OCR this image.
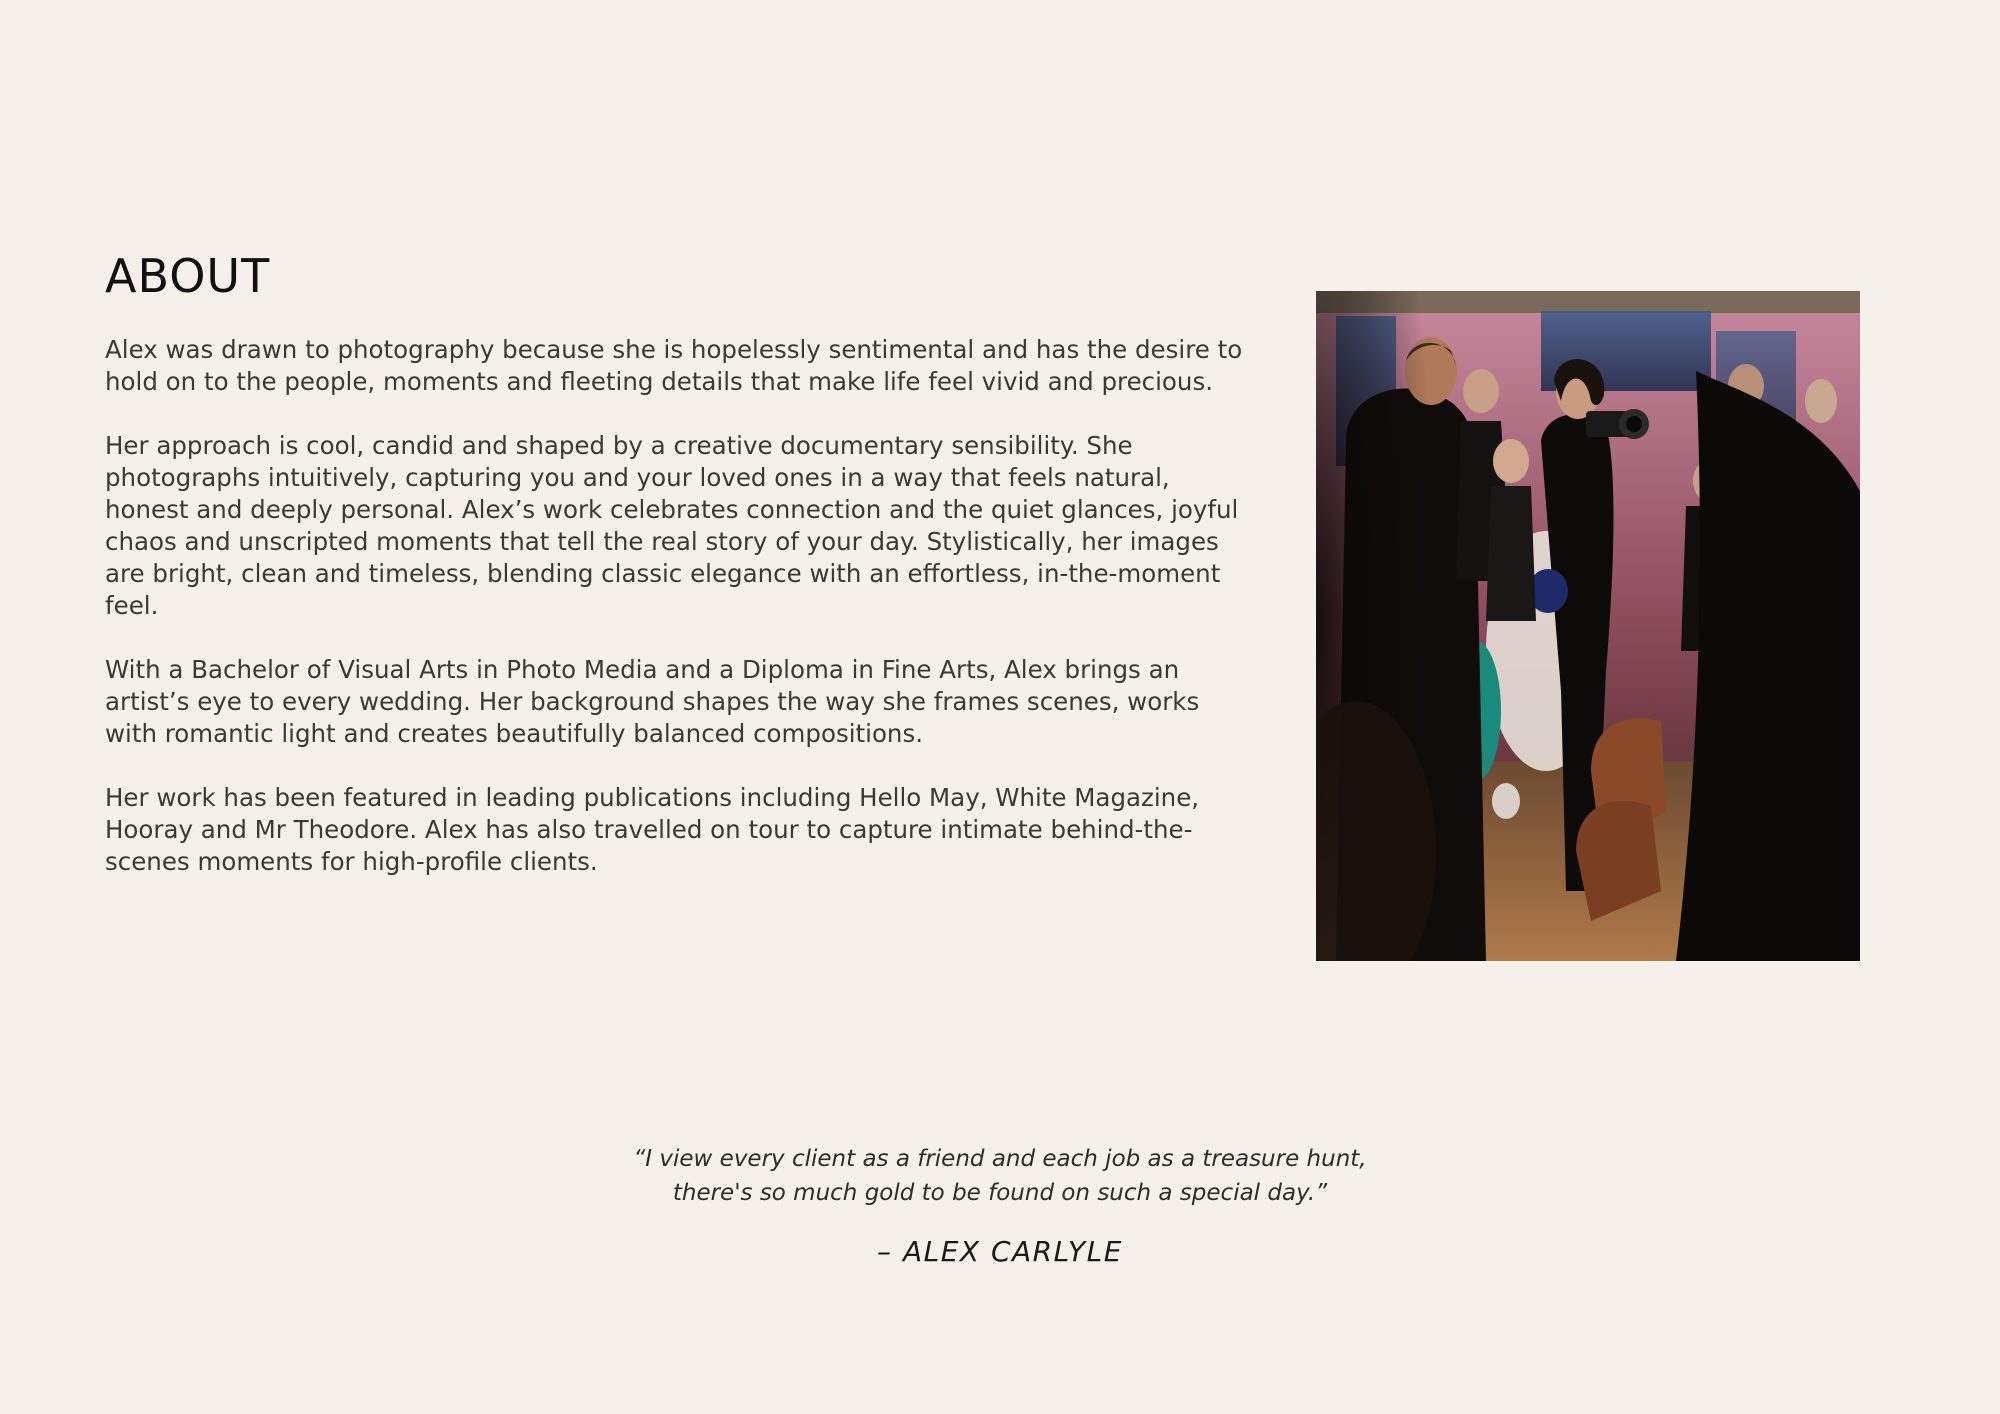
ABOUT

Alex was drawn to photography because she is hopelessly sentimental and has the desire to hold on to the people, moments and fleeting details that make life feel vivid and precious.

Her approach is cool, candid and shaped by a creative documentary sensibility. She photographs intuitively, capturing you and your loved ones in a way that feels natural, honest and deeply personal. Alex’s work celebrates connection and the quiet glances, joyful chaos and unscripted moments that tell the real story of your day. Stylistically, her images are bright, clean and timeless, blending classic elegance with an effortless, in-the-moment feel.

With a Bachelor of Visual Arts in Photo Media and a Diploma in Fine Arts, Alex brings an artist’s eye to every wedding. Her background shapes the way she frames scenes, works with romantic light and creates beautifully balanced compositions.

Her work has been featured in leading publications including Hello May, White Magazine, Hooray and Mr Theodore. Alex has also travelled on tour to capture intimate behind-the-scenes moments for high-profile clients.

“I view every client as a friend and each job as a treasure hunt,
there's so much gold to be found on such a special day.”

– ALEX CARLYLE
